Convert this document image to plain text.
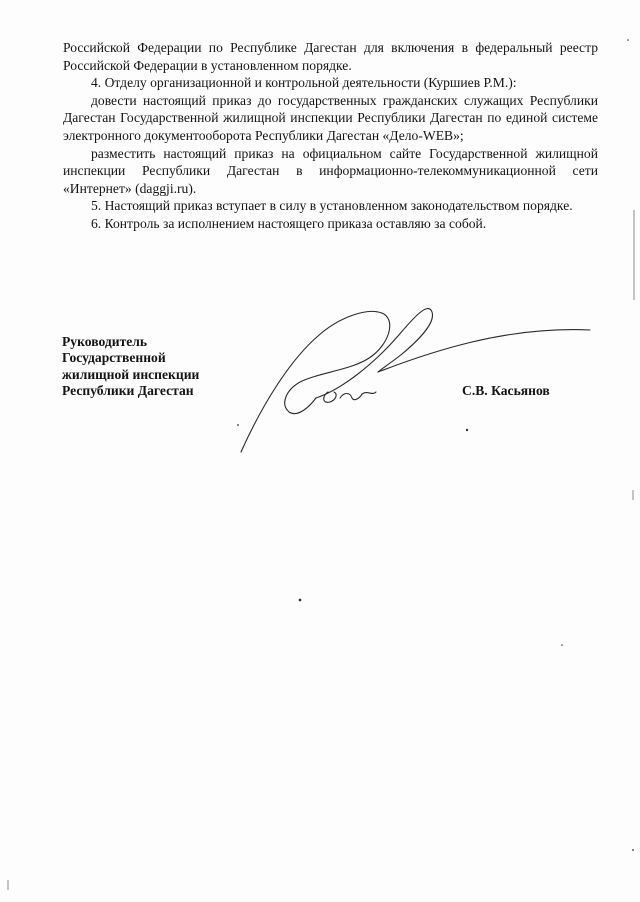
Российской Федерации по Республике Дагестан для включения в федеральный реестр Российской Федерации в установленном порядке.

4. Отделу организационной и контрольной деятельности (Куршиев Р.М.):

довести настоящий приказ до государственных гражданских служащих Республики Дагестан Государственной жилищной инспекции Республики Дагестан по единой системе электронного документооборота Республики Дагестан «Дело-WEB»;

разместить настоящий приказ на официальном сайте Государственной жилищной инспекции Республики Дагестан в информационно-телекоммуникационной сети «Интернет» (daggji.ru).

5. Настоящий приказ вступает в силу в установленном законодательством порядке.

6. Контроль за исполнением настоящего приказа оставляю за собой.

Руководитель
Государственной
жилищной инспекции
Республики Дагестан	С.В. Касьянов
